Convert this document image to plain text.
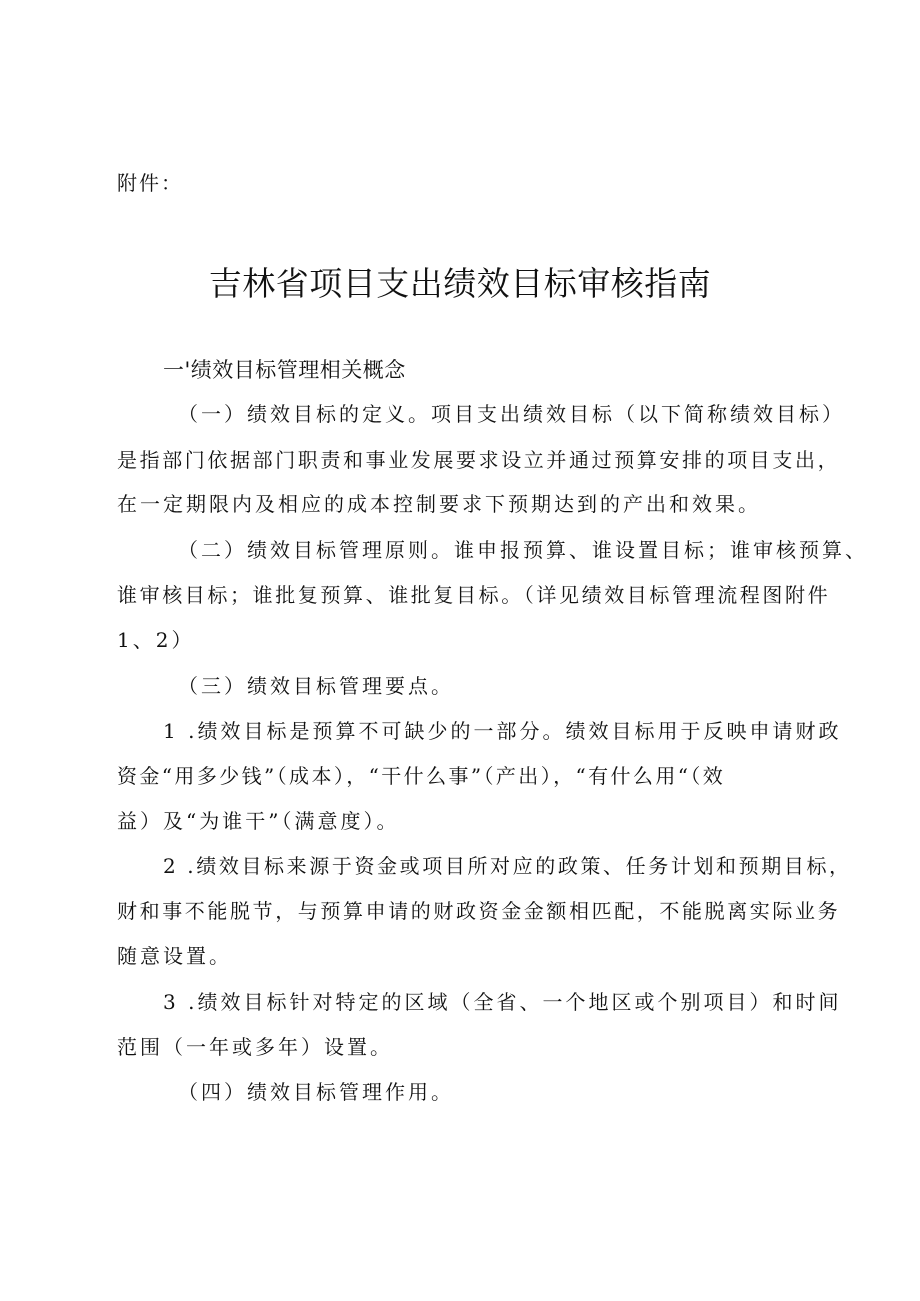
附件：
吉林省项目支出绩效目标审核指南
一'绩效目标管理相关概念
（一）绩效目标的定义。项目支出绩效目标（以下简称绩效目标）
是指部门依据部门职责和事业发展要求设立并通过预算安排的项目支出，
在一定期限内及相应的成本控制要求下预期达到的产出和效果。
（二）绩效目标管理原则。谁申报预算、谁设置目标；谁审核预算、
谁审核目标；谁批复预算、谁批复目标。（详见绩效目标管理流程图附件
1、2）
（三）绩效目标管理要点。
1 .绩效目标是预算不可缺少的一部分。绩效目标用于反映申请财政
资金“用多少钱”（成本），“干什么事”（产出），“有什么用“（效
益）及“为谁干”（满意度）。
2 .绩效目标来源于资金或项目所对应的政策、任务计划和预期目标，
财和事不能脱节，与预算申请的财政资金金额相匹配，不能脱离实际业务
随意设置。
3 .绩效目标针对特定的区域（全省、一个地区或个别项目）和时间
范围（一年或多年）设置。
（四）绩效目标管理作用。
